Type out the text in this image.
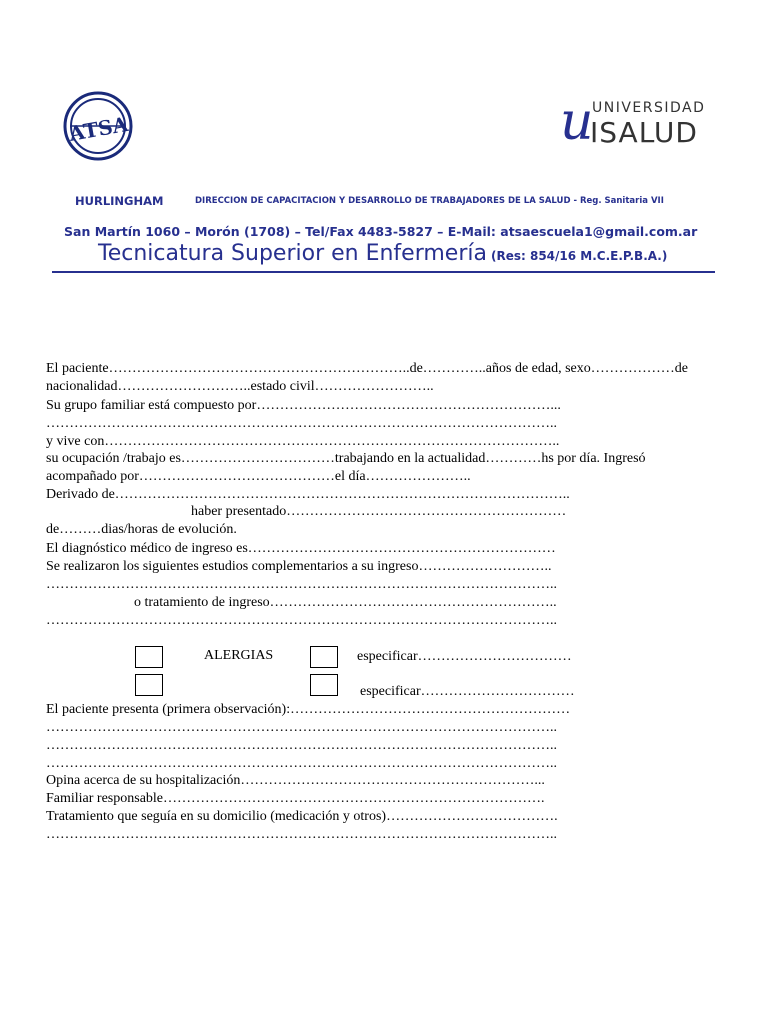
ATSA	u
UNIVERSIDAD
ISALUD
HURLINGHAM	DIRECCION DE CAPACITACION Y DESARROLLO DE TRABAJADORES DE LA SALUD - Reg. Sanitaria VII
San Martín 1060 – Morón (1708) – Tel/Fax 4483-5827 – E-Mail: atsaescuela1@gmail.com.ar
Tecnicatura Superior en Enfermería (Res: 854/16 M.C.E.P.B.A.)
El paciente………………………………………………………..de…………..años de edad, sexo………………de
nacionalidad………………………..estado civil……………………..
Su grupo familiar está compuesto por………………………………………………………...
………………………………………………………………………………………………..
y vive con……………………………………………………………………………………..
su ocupación /trabajo es……………………………trabajando en la actualidad…………hs por día. Ingresó
acompañado por……………………………………el día…………………..
Derivado de……………………………………………………………………………………..
haber presentado……………………………………………………
de………dias/horas de evolución.
El diagnóstico médico de ingreso es…………………………………………………………
Se realizaron los siguientes estudios complementarios a su ingreso………………………..
………………………………………………………………………………………………..
o tratamiento de ingreso……………………………………………………..
………………………………………………………………………………………………..
ALERGIAS	especificar……………………………
especificar……………………………
El paciente presenta (primera observación):……………………………………………………
………………………………………………………………………………………………..
………………………………………………………………………………………………..
………………………………………………………………………………………………..
Opina acerca de su hospitalización………………………………………………………...
Familiar responsable……………………………………………………………………….
Tratamiento que seguía en su domicilio (medicación y otros)……………………………….
………………………………………………………………………………………………..
